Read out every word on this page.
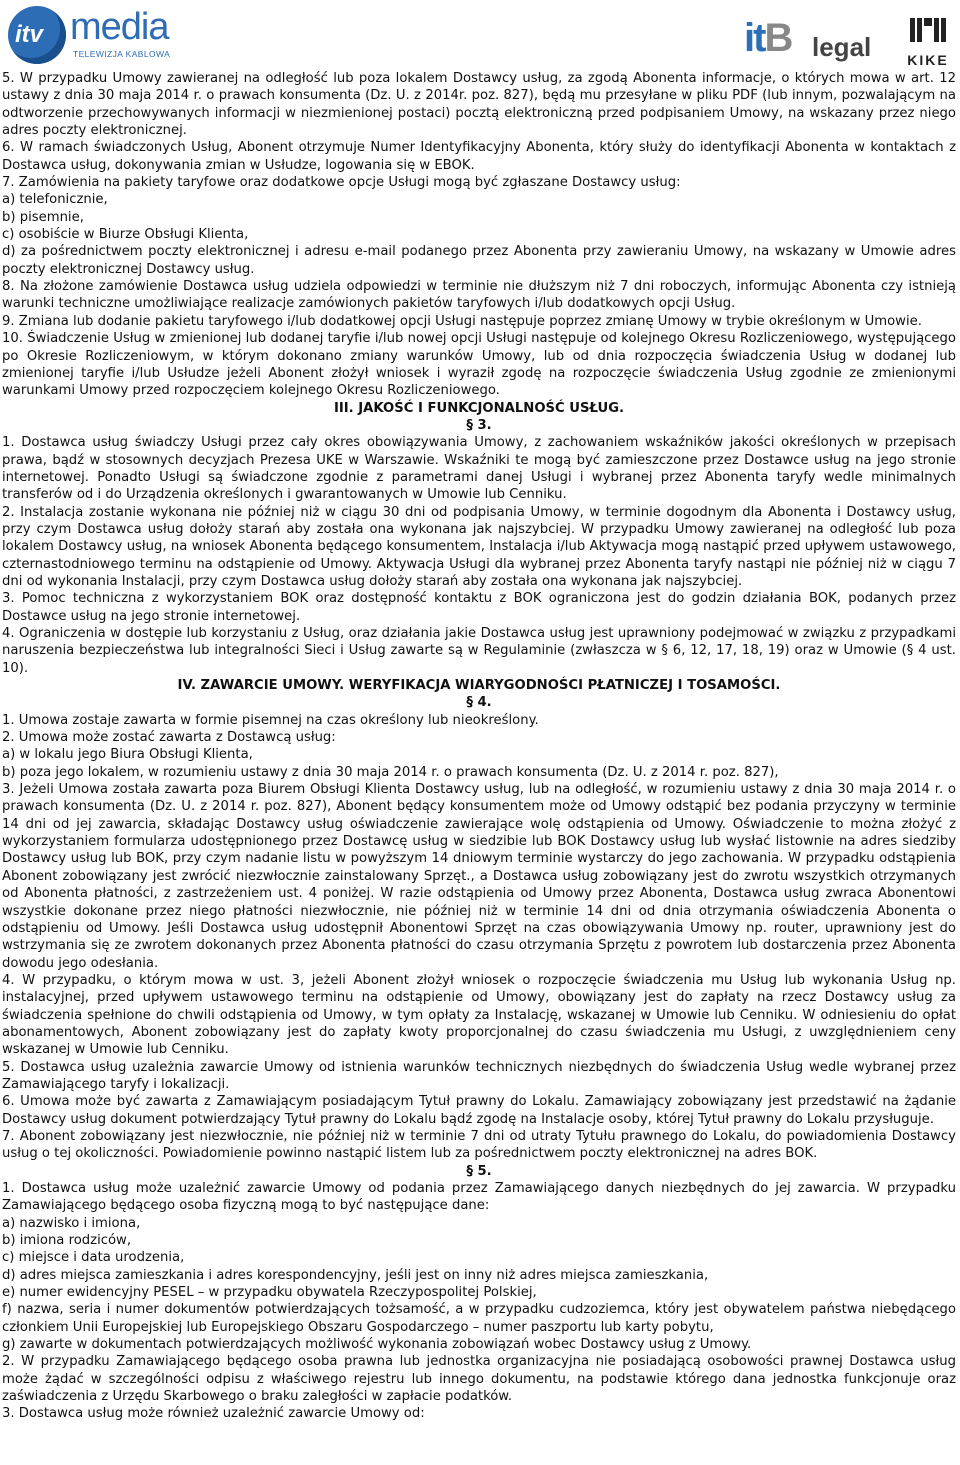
itv media
TELEWIZJA KABLOWA	itB legal	KIKE

5. W przypadku Umowy zawieranej na odległość lub poza lokalem Dostawcy usług, za zgodą Abonenta informacje, o których mowa w art. 12 ustawy z dnia 30 maja 2014 r. o prawach konsumenta (Dz. U. z 2014r. poz. 827), będą mu przesyłane w pliku PDF (lub innym, pozwalającym na odtworzenie przechowywanych informacji w niezmienionej postaci) pocztą elektroniczną przed podpisaniem Umowy, na wskazany przez niego adres poczty elektronicznej.

6. W ramach świadczonych Usług, Abonent otrzymuje Numer Identyfikacyjny Abonenta, który służy do identyfikacji Abonenta w kontaktach z Dostawca usług, dokonywania zmian w Usłudze, logowania się w EBOK.

7. Zamówienia na pakiety taryfowe oraz dodatkowe opcje Usługi mogą być zgłaszane Dostawcy usług:

a) telefonicznie,

b) pisemnie,

c) osobiście w Biurze Obsługi Klienta,

d) za pośrednictwem poczty elektronicznej i adresu e-mail podanego przez Abonenta przy zawieraniu Umowy, na wskazany w Umowie adres poczty elektronicznej Dostawcy usług.

8. Na złożone zamówienie Dostawca usług udziela odpowiedzi w terminie nie dłuższym niż 7 dni roboczych, informując Abonenta czy istnieją warunki techniczne umożliwiające realizacje zamówionych pakietów taryfowych i/lub dodatkowych opcji Usług.

9. Zmiana lub dodanie pakietu taryfowego i/lub dodatkowej opcji Usługi następuje poprzez zmianę Umowy w trybie określonym w Umowie.

10. Świadczenie Usług w zmienionej lub dodanej taryfie i/lub nowej opcji Usługi następuje od kolejnego Okresu Rozliczeniowego, występującego po Okresie Rozliczeniowym, w którym dokonano zmiany warunków Umowy, lub od dnia rozpoczęcia świadczenia Usług w dodanej lub zmienionej taryfie i/lub Usłudze jeżeli Abonent złożył wniosek i wyraził zgodę na rozpoczęcie świadczenia Usług zgodnie ze zmienionymi warunkami Umowy przed rozpoczęciem kolejnego Okresu Rozliczeniowego.

III. JAKOŚĆ I FUNKCJONALNOŚĆ USŁUG.

§ 3.

1. Dostawca usług świadczy Usługi przez cały okres obowiązywania Umowy, z zachowaniem wskaźników jakości określonych w przepisach prawa, bądź w stosownych decyzjach Prezesa UKE w Warszawie. Wskaźniki te mogą być zamieszczone przez Dostawce usług na jego stronie internetowej. Ponadto Usługi są świadczone zgodnie z parametrami danej Usługi i wybranej przez Abonenta taryfy wedle minimalnych transferów od i do Urządzenia określonych i gwarantowanych w Umowie lub Cenniku.

2. Instalacja zostanie wykonana nie później niż w ciągu 30 dni od podpisania Umowy, w terminie dogodnym dla Abonenta i Dostawcy usług, przy czym Dostawca usług dołoży starań aby została ona wykonana jak najszybciej. W przypadku Umowy zawieranej na odległość lub poza lokalem Dostawcy usług, na wniosek Abonenta będącego konsumentem, Instalacja i/lub Aktywacja mogą nastąpić przed upływem ustawowego, czternastodniowego terminu na odstąpienie od Umowy. Aktywacja Usługi dla wybranej przez Abonenta taryfy nastąpi nie później niż w ciągu 7 dni od wykonania Instalacji, przy czym Dostawca usług dołoży starań aby została ona wykonana jak najszybciej.

3. Pomoc techniczna z wykorzystaniem BOK oraz dostępność kontaktu z BOK ograniczona jest do godzin działania BOK, podanych przez Dostawce usług na jego stronie internetowej.

4. Ograniczenia w dostępie lub korzystaniu z Usług, oraz działania jakie Dostawca usług jest uprawniony podejmować w związku z przypadkami naruszenia bezpieczeństwa lub integralności Sieci i Usług zawarte są w Regulaminie (zwłaszcza w § 6, 12, 17, 18, 19) oraz w Umowie (§ 4 ust. 10).

IV. ZAWARCIE UMOWY. WERYFIKACJA WIARYGODNOŚCI PŁATNICZEJ I TOSAMOŚCI.

§ 4.

1. Umowa zostaje zawarta w formie pisemnej na czas określony lub nieokreślony.

2. Umowa może zostać zawarta z Dostawcą usług:

a) w lokalu jego Biura Obsługi Klienta,

b) poza jego lokalem, w rozumieniu ustawy z dnia 30 maja 2014 r. o prawach konsumenta (Dz. U. z 2014 r. poz. 827),

3. Jeżeli Umowa została zawarta poza Biurem Obsługi Klienta Dostawcy usług, lub na odległość, w rozumieniu ustawy z dnia 30 maja 2014 r. o prawach konsumenta (Dz. U. z 2014 r. poz. 827), Abonent będący konsumentem może od Umowy odstąpić bez podania przyczyny w terminie 14 dni od jej zawarcia, składając Dostawcy usług oświadczenie zawierające wolę odstąpienia od Umowy. Oświadczenie to można złożyć z wykorzystaniem formularza udostępnionego przez Dostawcę usług w siedzibie lub BOK Dostawcy usług lub wysłać listownie na adres siedziby Dostawcy usług lub BOK, przy czym nadanie listu w powyższym 14 dniowym terminie wystarczy do jego zachowania. W przypadku odstąpienia Abonent zobowiązany jest zwrócić niezwłocznie zainstalowany Sprzęt., a Dostawca usług zobowiązany jest do zwrotu wszystkich otrzymanych od Abonenta płatności, z zastrzeżeniem ust. 4 poniżej. W razie odstąpienia od Umowy przez Abonenta, Dostawca usług zwraca Abonentowi wszystkie dokonane przez niego płatności niezwłocznie, nie później niż w terminie 14 dni od dnia otrzymania oświadczenia Abonenta o odstąpieniu od Umowy. Jeśli Dostawca usług udostępnił Abonentowi Sprzęt na czas obowiązywania Umowy np. router, uprawniony jest do wstrzymania się ze zwrotem dokonanych przez Abonenta płatności do czasu otrzymania Sprzętu z powrotem lub dostarczenia przez Abonenta dowodu jego odesłania.

4. W przypadku, o którym mowa w ust. 3, jeżeli Abonent złożył wniosek o rozpoczęcie świadczenia mu Usług lub wykonania Usług np. instalacyjnej, przed upływem ustawowego terminu na odstąpienie od Umowy, obowiązany jest do zapłaty na rzecz Dostawcy usług za świadczenia spełnione do chwili odstąpienia od Umowy, w tym opłaty za Instalację, wskazanej w Umowie lub Cenniku. W odniesieniu do opłat abonamentowych, Abonent zobowiązany jest do zapłaty kwoty proporcjonalnej do czasu świadczenia mu Usługi, z uwzględnieniem ceny wskazanej w Umowie lub Cenniku.

5. Dostawca usług uzależnia zawarcie Umowy od istnienia warunków technicznych niezbędnych do świadczenia Usług wedle wybranej przez Zamawiającego taryfy i lokalizacji.

6. Umowa może być zawarta z Zamawiającym posiadającym Tytuł prawny do Lokalu. Zamawiający zobowiązany jest przedstawić na żądanie Dostawcy usług dokument potwierdzający Tytuł prawny do Lokalu bądź zgodę na Instalacje osoby, której Tytuł prawny do Lokalu przysługuje.

7. Abonent zobowiązany jest niezwłocznie, nie później niż w terminie 7 dni od utraty Tytułu prawnego do Lokalu, do powiadomienia Dostawcy usług o tej okoliczności. Powiadomienie powinno nastąpić listem lub za pośrednictwem poczty elektronicznej na adres BOK.

§ 5.

1. Dostawca usług może uzależnić zawarcie Umowy od podania przez Zamawiającego danych niezbędnych do jej zawarcia. W przypadku Zamawiającego będącego osoba fizyczną mogą to być następujące dane:

a) nazwisko i imiona,

b) imiona rodziców,

c) miejsce i data urodzenia,

d) adres miejsca zamieszkania i adres korespondencyjny, jeśli jest on inny niż adres miejsca zamieszkania,

e) numer ewidencyjny PESEL – w przypadku obywatela Rzeczypospolitej Polskiej,

f) nazwa, seria i numer dokumentów potwierdzających tożsamość, a w przypadku cudzoziemca, który jest obywatelem państwa niebędącego członkiem Unii Europejskiej lub Europejskiego Obszaru Gospodarczego – numer paszportu lub karty pobytu,

g) zawarte w dokumentach potwierdzających możliwość wykonania zobowiązań wobec Dostawcy usług z Umowy.

2. W przypadku Zamawiającego będącego osoba prawna lub jednostka organizacyjna nie posiadającą osobowości prawnej Dostawca usług może żądać w szczególności odpisu z właściwego rejestru lub innego dokumentu, na podstawie którego dana jednostka funkcjonuje oraz zaświadczenia z Urzędu Skarbowego o braku zaległości w zapłacie podatków.

3. Dostawca usług może również uzależnić zawarcie Umowy od:
